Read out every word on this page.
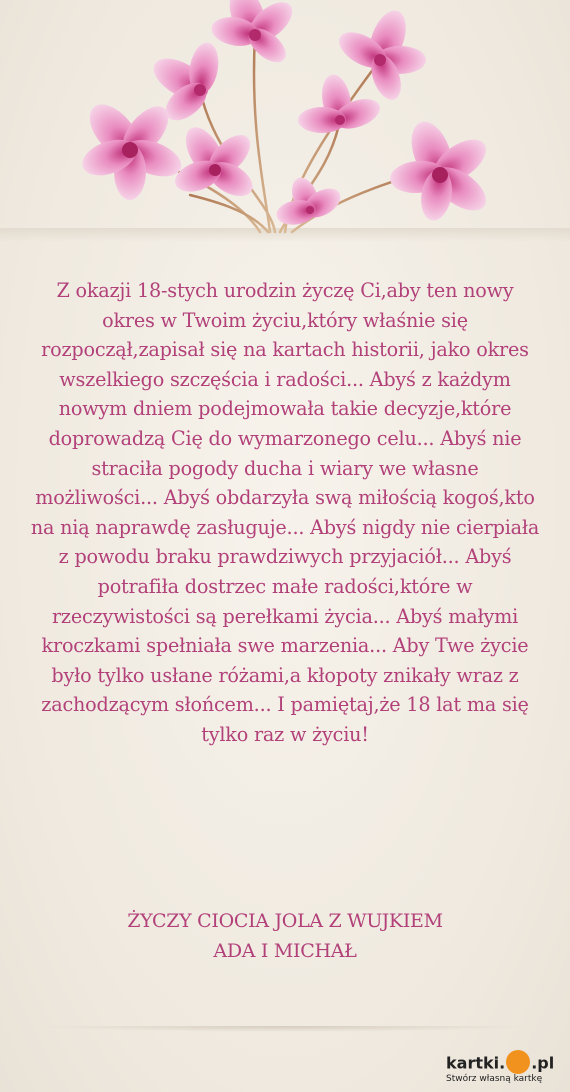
Z okazji 18-stych urodzin życzę Ci,aby ten nowy okres w Twoim życiu,który właśnie się rozpoczął,zapisał się na kartach historii, jako okres wszelkiego szczęścia i radości... Abyś z każdym nowym dniem podejmowała takie decyzje,które doprowadzą Cię do wymarzonego celu... Abyś nie straciła pogody ducha i wiary we własne możliwości... Abyś obdarzyła swą miłością kogoś,kto na nią naprawdę zasługuje... Abyś nigdy nie cierpiała z powodu braku prawdziwych przyjaciół... Abyś potrafiła dostrzec małe radości,które w rzeczywistości są perełkami życia... Abyś małymi kroczkami spełniała swe marzenia... Aby Twe życie było tylko usłane różami,a kłopoty znikały wraz z zachodzącym słońcem... I pamiętaj,że 18 lat ma się tylko raz w życiu!

ŻYCZY CIOCIA JOLA Z WUJKIEM
ADA I MICHAŁ
kartki. .pl
Stwórz własną kartkę
